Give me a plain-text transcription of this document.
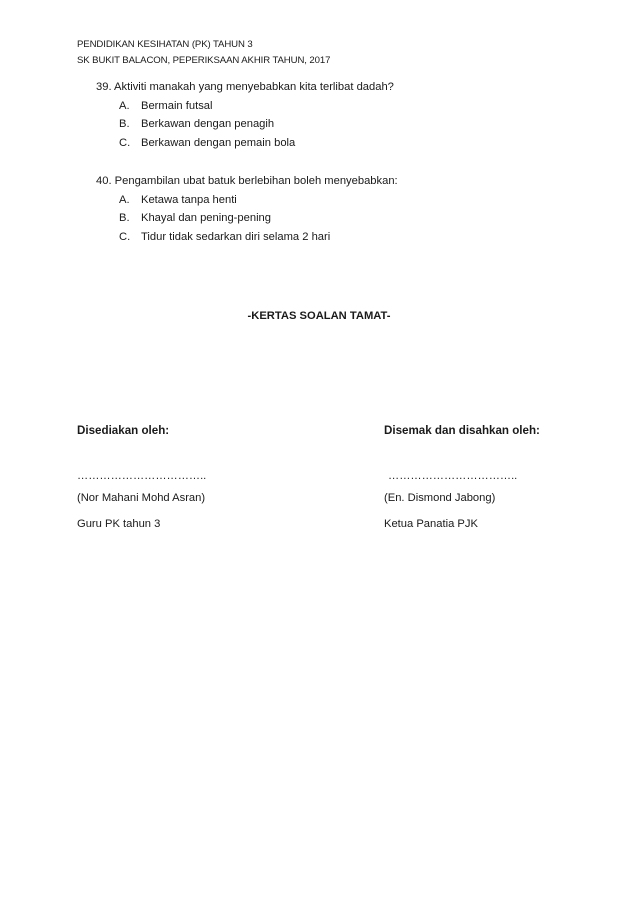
PENDIDIKAN KESIHATAN (PK) TAHUN 3
SK BUKIT BALACON, PEPERIKSAAN AKHIR TAHUN, 2017
39. Aktiviti manakah yang menyebabkan kita terlibat dadah?
A.	Bermain futsal
B.	Berkawan dengan penagih
C. Berkawan dengan pemain bola
40. Pengambilan ubat batuk berlebihan boleh menyebabkan:
A.	Ketawa tanpa henti
B.	Khayal dan pening-pening
C. Tidur tidak sedarkan diri selama 2 hari
-KERTAS SOALAN TAMAT-
Disediakan oleh:	Disemak dan disahkan oleh:
……………………………..	……………………………..
(Nor Mahani Mohd Asran)	(En. Dismond Jabong)
Guru PK tahun 3	Ketua Panatia PJK
